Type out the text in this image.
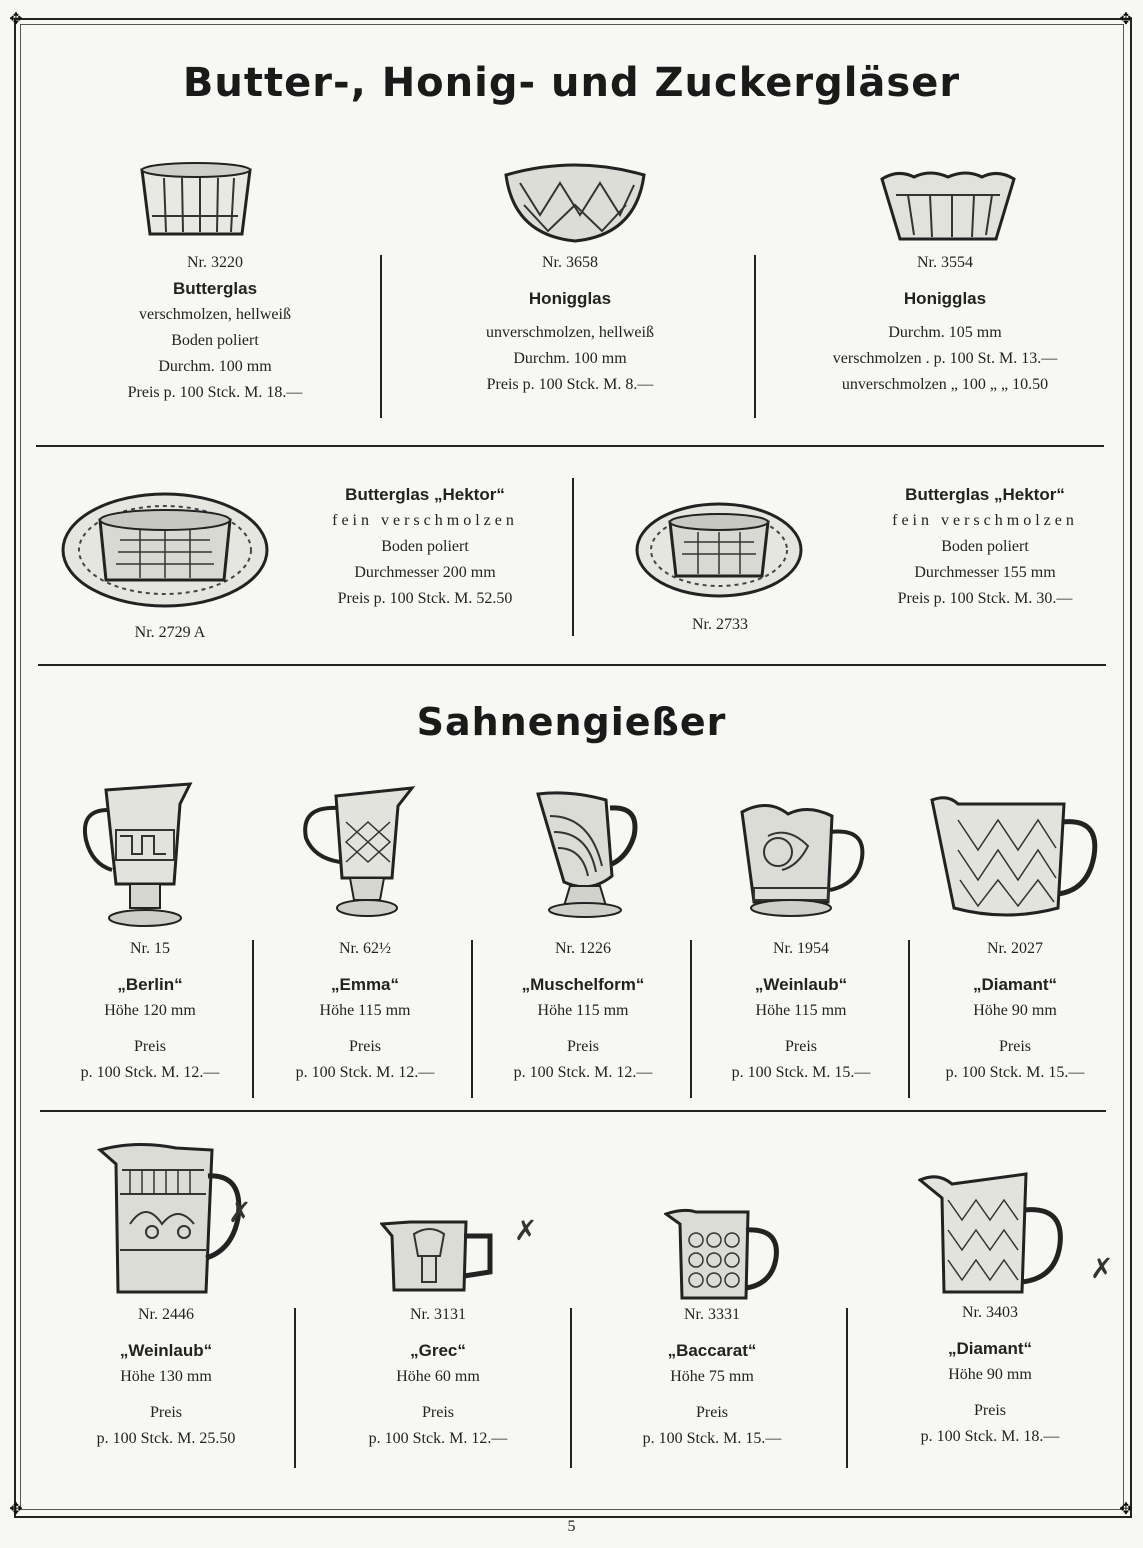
✥	✥
✥	✥
Butter-, Honig- und Zuckergläser
Nr. 3220
Butterglas
verschmolzen, hellweiß
Boden poliert
Durchm. 100 mm
Preis p. 100 Stck. M. 18.—
Nr. 3658
Honigglas
unverschmolzen, hellweiß
Durchm. 100 mm
Preis p. 100 Stck. M. 8.—
Nr. 3554
Honigglas
Durchm. 105 mm
verschmolzen . p. 100 St. M. 13.—
unverschmolzen „ 100 „ „ 10.50
Nr. 2729 A
Butterglas „Hektor“
fein verschmolzen
Boden poliert
Durchmesser 200 mm
Preis p. 100 Stck. M. 52.50
Nr. 2733
Butterglas „Hektor“
fein verschmolzen
Boden poliert
Durchmesser 155 mm
Preis p. 100 Stck. M. 30.—
Sahnengießer
Nr. 15
„Berlin“
Höhe 120 mm
Preis
p. 100 Stck. M. 12.—
Nr. 62½
„Emma“
Höhe 115 mm
Preis
p. 100 Stck. M. 12.—
Nr. 1226
„Muschelform“
Höhe 115 mm
Preis
p. 100 Stck. M. 12.—
Nr. 1954
„Weinlaub“
Höhe 115 mm
Preis
p. 100 Stck. M. 15.—
Nr. 2027
„Diamant“
Höhe 90 mm
Preis
p. 100 Stck. M. 15.—
✗
✗
✗
Nr. 2446
„Weinlaub“
Höhe 130 mm
Preis
p. 100 Stck. M. 25.50
Nr. 3131
„Grec“
Höhe 60 mm
Preis
p. 100 Stck. M. 12.—
Nr. 3331
„Baccarat“
Höhe 75 mm
Preis
p. 100 Stck. M. 15.—
Nr. 3403
„Diamant“
Höhe 90 mm
Preis
p. 100 Stck. M. 18.—
5
